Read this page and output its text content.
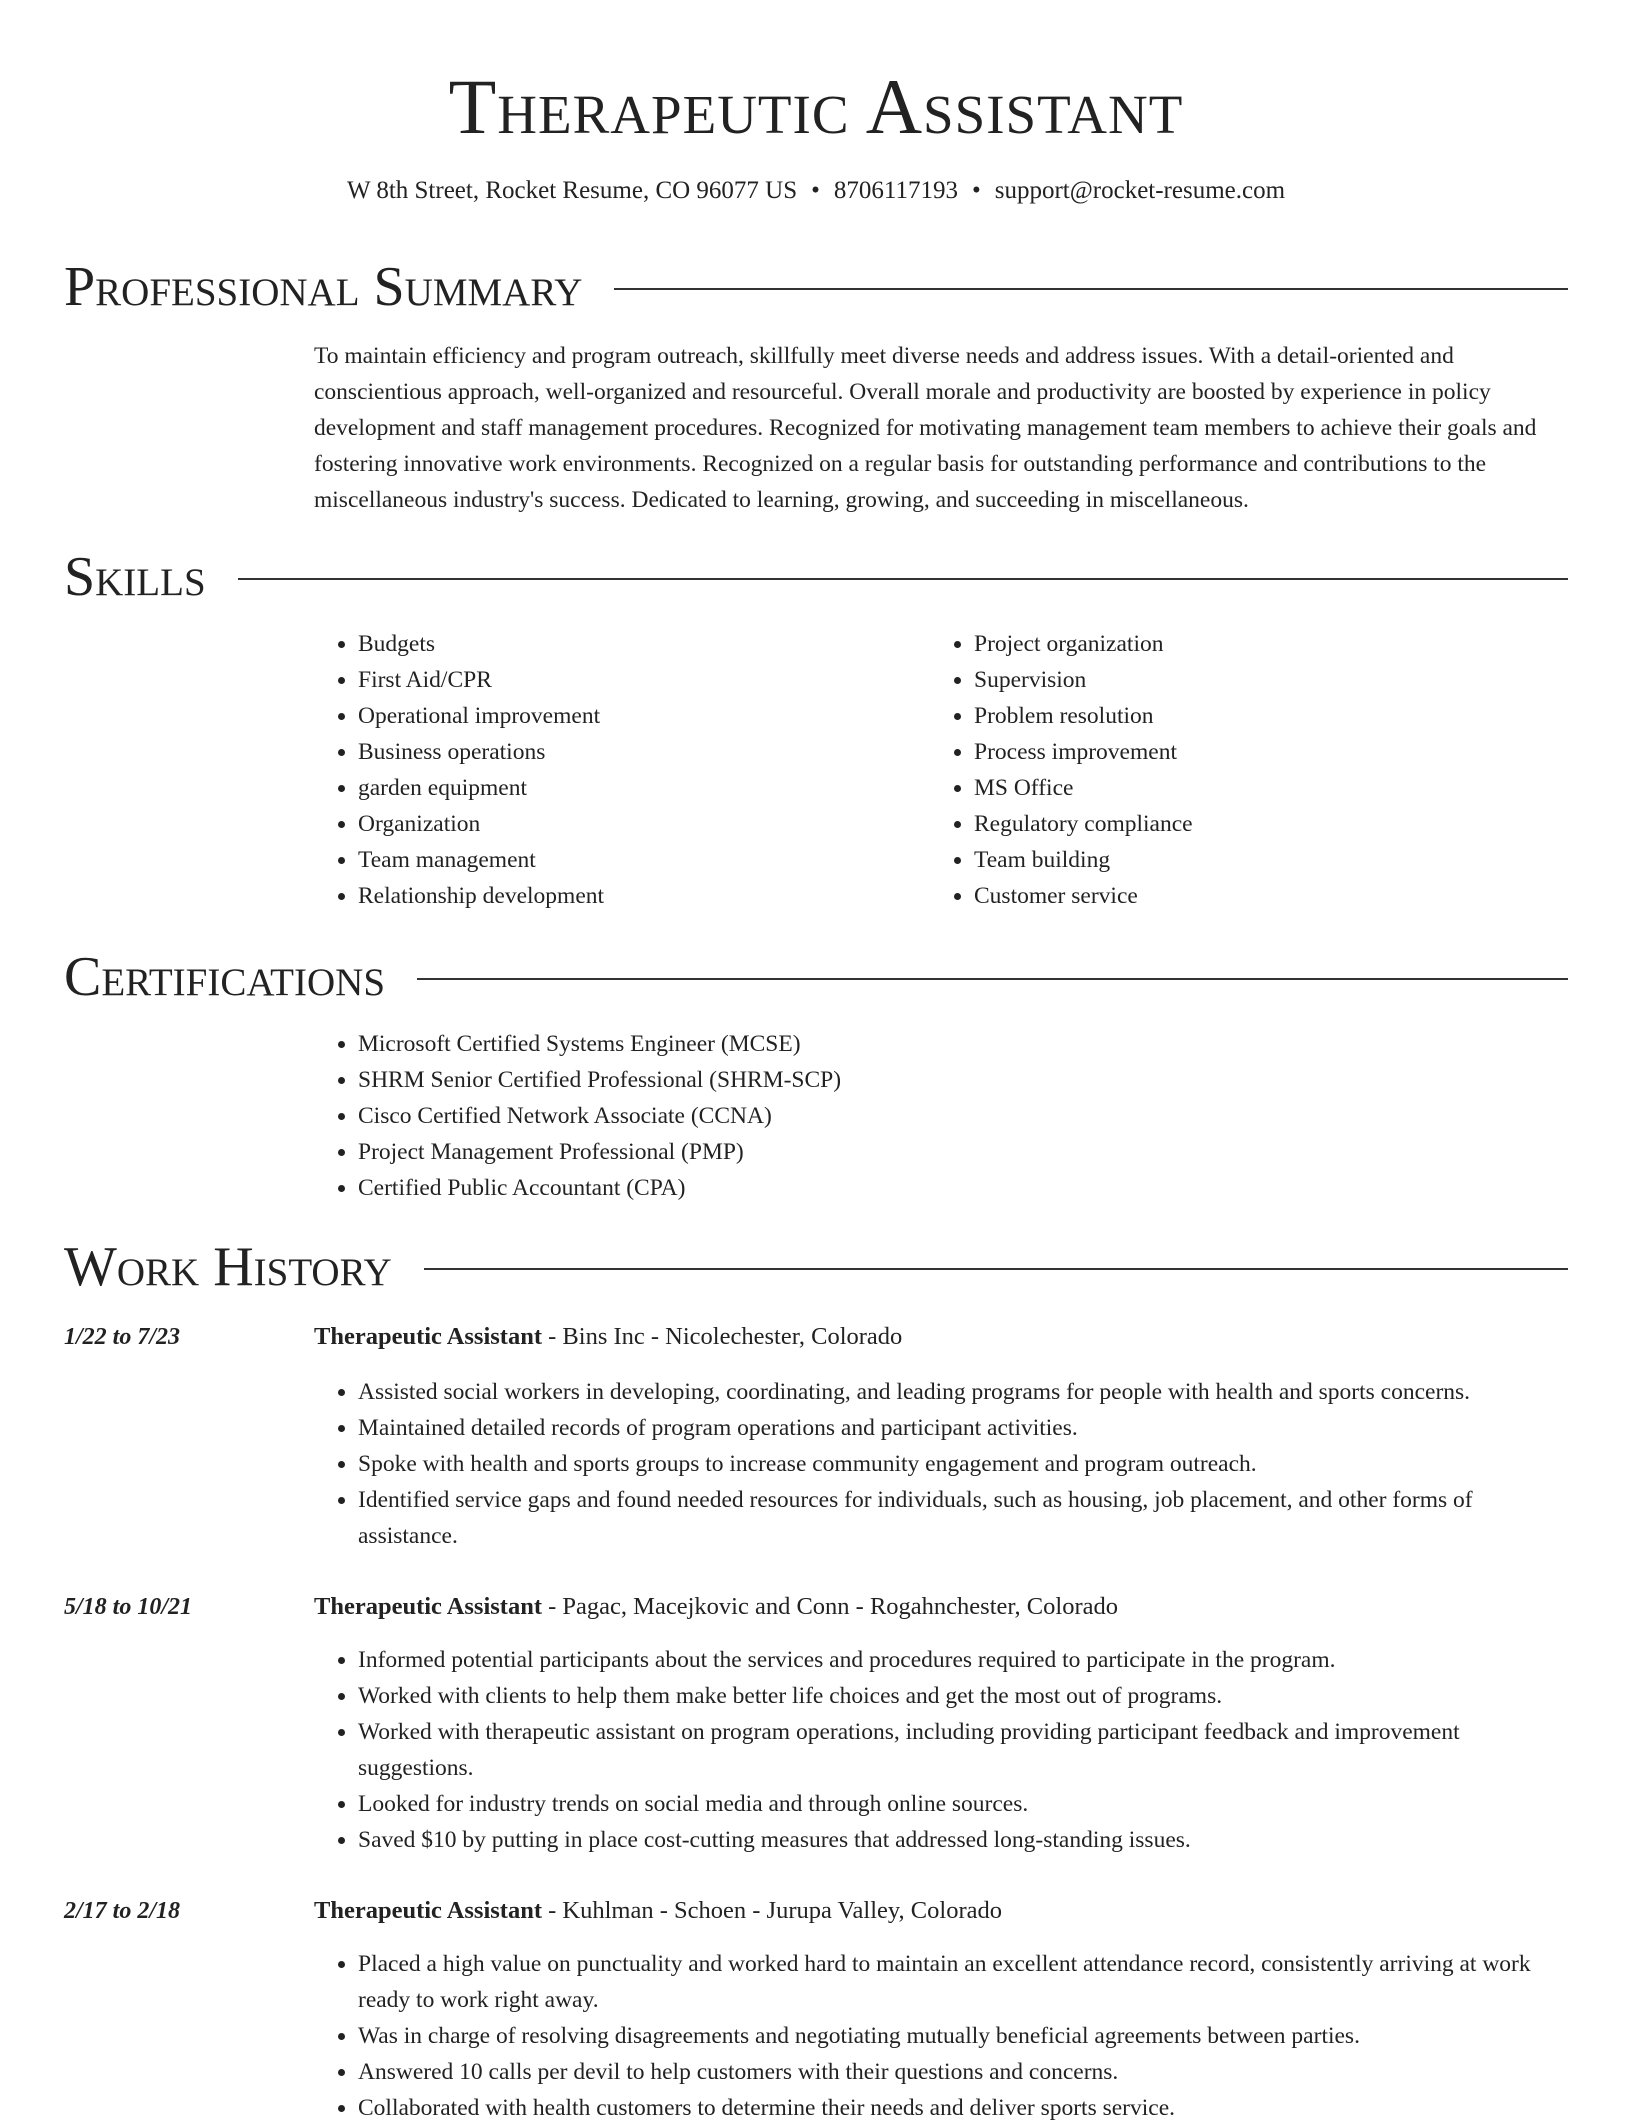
Therapeutic Assistant
W 8th Street, Rocket Resume, CO 96077 US • 8706117193 • support@rocket-resume.com
Professional Summary
To maintain efficiency and program outreach, skillfully meet diverse needs and address issues. With a detail-oriented and conscientious approach, well-organized and resourceful. Overall morale and productivity are boosted by experience in policy development and staff management procedures. Recognized for motivating management team members to achieve their goals and fostering innovative work environments. Recognized on a regular basis for outstanding performance and contributions to the miscellaneous industry's success. Dedicated to learning, growing, and succeeding in miscellaneous.
Skills
• Budgets
• First Aid/CPR
• Operational improvement
• Business operations
• garden equipment
• Organization
• Team management
• Relationship development
• Project organization
• Supervision
• Problem resolution
• Process improvement
• MS Office
• Regulatory compliance
• Team building
• Customer service
Certifications
• Microsoft Certified Systems Engineer (MCSE)
• SHRM Senior Certified Professional (SHRM-SCP)
• Cisco Certified Network Associate (CCNA)
• Project Management Professional (PMP)
• Certified Public Accountant (CPA)
Work History
1/22 to 7/23	Therapeutic Assistant - Bins Inc - Nicolechester, Colorado
• Assisted social workers in developing, coordinating, and leading programs for people with health and sports concerns.
• Maintained detailed records of program operations and participant activities.
• Spoke with health and sports groups to increase community engagement and program outreach.
• Identified service gaps and found needed resources for individuals, such as housing, job placement, and other forms of assistance.
5/18 to 10/21	Therapeutic Assistant - Pagac, Macejkovic and Conn - Rogahnchester, Colorado
• Informed potential participants about the services and procedures required to participate in the program.
• Worked with clients to help them make better life choices and get the most out of programs.
• Worked with therapeutic assistant on program operations, including providing participant feedback and improvement suggestions.
• Looked for industry trends on social media and through online sources.
• Saved $10 by putting in place cost-cutting measures that addressed long-standing issues.
2/17 to 2/18	Therapeutic Assistant - Kuhlman - Schoen - Jurupa Valley, Colorado
• Placed a high value on punctuality and worked hard to maintain an excellent attendance record, consistently arriving at work ready to work right away.
• Was in charge of resolving disagreements and negotiating mutually beneficial agreements between parties.
• Answered 10 calls per devil to help customers with their questions and concerns.
• Collaborated with health customers to determine their needs and deliver sports service.
